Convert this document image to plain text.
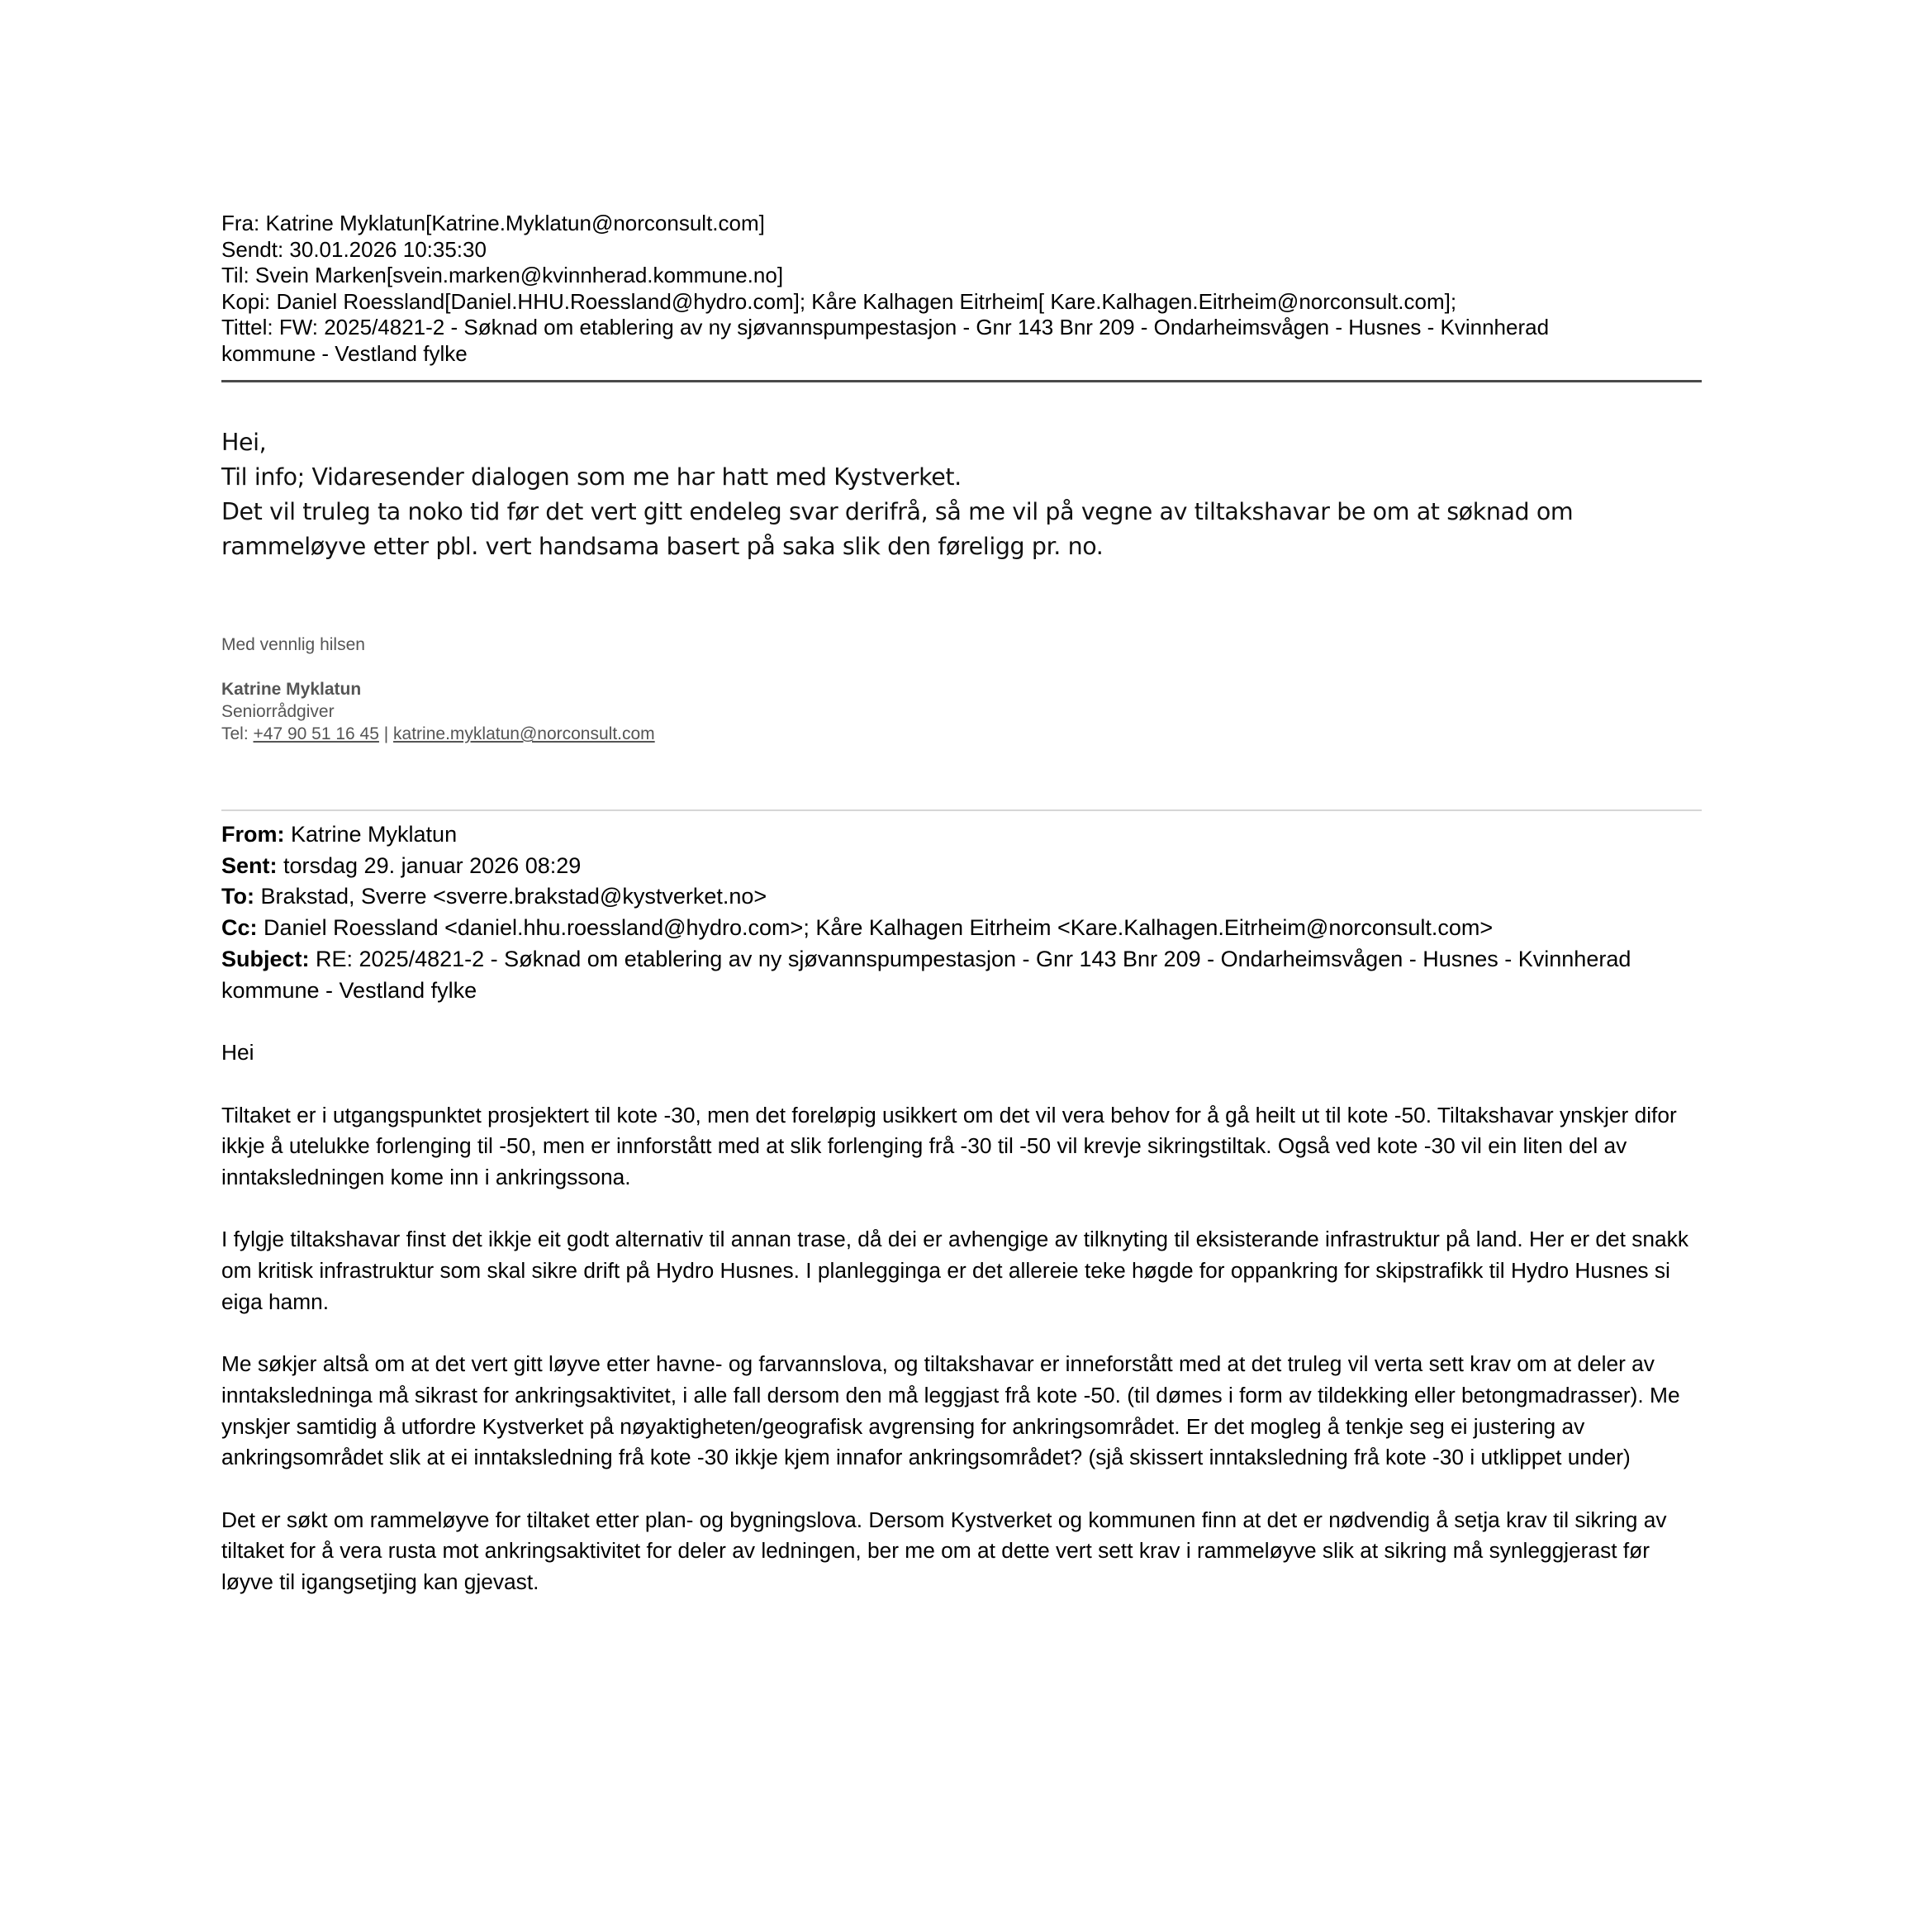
Fra: Katrine Myklatun[Katrine.Myklatun@norconsult.com]
Sendt: 30.01.2026 10:35:30
Til: Svein Marken[svein.marken@kvinnherad.kommune.no]
Kopi: Daniel Roessland[Daniel.HHU.Roessland@hydro.com]; Kåre Kalhagen Eitrheim[ Kare.Kalhagen.Eitrheim@norconsult.com];
Tittel: FW: 2025/4821-2 - Søknad om etablering av ny sjøvannspumpestasjon - Gnr 143 Bnr 209 - Ondarheimsvågen - Husnes - Kvinnherad
kommune - Vestland fylke

Hei,

Til info; Vidaresender dialogen som me har hatt med Kystverket.

Det vil truleg ta noko tid før det vert gitt endeleg svar derifrå, så me vil på vegne av tiltakshavar be om at søknad om rammeløyve etter pbl. vert handsama basert på saka slik den føreligg pr. no.

Med vennlig hilsen
Katrine Myklatun
Seniorrådgiver
Tel: +47 90 51 16 45 | katrine.myklatun@norconsult.com
From: Katrine Myklatun
Sent: torsdag 29. januar 2026 08:29
To: Brakstad, Sverre <sverre.brakstad@kystverket.no>
Cc: Daniel Roessland <daniel.hhu.roessland@hydro.com>; Kåre Kalhagen Eitrheim <Kare.Kalhagen.Eitrheim@norconsult.com>
Subject: RE: 2025/4821-2 - Søknad om etablering av ny sjøvannspumpestasjon - Gnr 143 Bnr 209 - Ondarheimsvågen - Husnes - Kvinnherad kommune - Vestland fylke

Hei

Tiltaket er i utgangspunktet prosjektert til kote -30, men det foreløpig usikkert om det vil vera behov for å gå heilt ut til kote -50. Tiltakshavar ynskjer difor ikkje å utelukke forlenging til -50, men er innforstått med at slik forlenging frå -30 til -50 vil krevje sikringstiltak. Også ved kote -30 vil ein liten del av inntaksledningen kome inn i ankringssona.

I fylgje tiltakshavar finst det ikkje eit godt alternativ til annan trase, då dei er avhengige av tilknyting til eksisterande infrastruktur på land. Her er det snakk om kritisk infrastruktur som skal sikre drift på Hydro Husnes. I planlegginga er det allereie teke høgde for oppankring for skipstrafikk til Hydro Husnes si eiga hamn.

Me søkjer altså om at det vert gitt løyve etter havne- og farvannslova, og tiltakshavar er inneforstått med at det truleg vil verta sett krav om at deler av inntaksledninga må sikrast for ankringsaktivitet, i alle fall dersom den må leggjast frå kote -50. (til dømes i form av tildekking eller betongmadrasser). Me ynskjer samtidig å utfordre Kystverket på nøyaktigheten/geografisk avgrensing for ankringsområdet. Er det mogleg å tenkje seg ei justering av ankringsområdet slik at ei inntaksledning frå kote -30 ikkje kjem innafor ankringsområdet? (sjå skissert inntaksledning frå kote -30 i utklippet under)

Det er søkt om rammeløyve for tiltaket etter plan- og bygningslova. Dersom Kystverket og kommunen finn at det er nødvendig å setja krav til sikring av tiltaket for å vera rusta mot ankringsaktivitet for deler av ledningen, ber me om at dette vert sett krav i rammeløyve slik at sikring må synleggjerast før løyve til igangsetjing kan gjevast.
